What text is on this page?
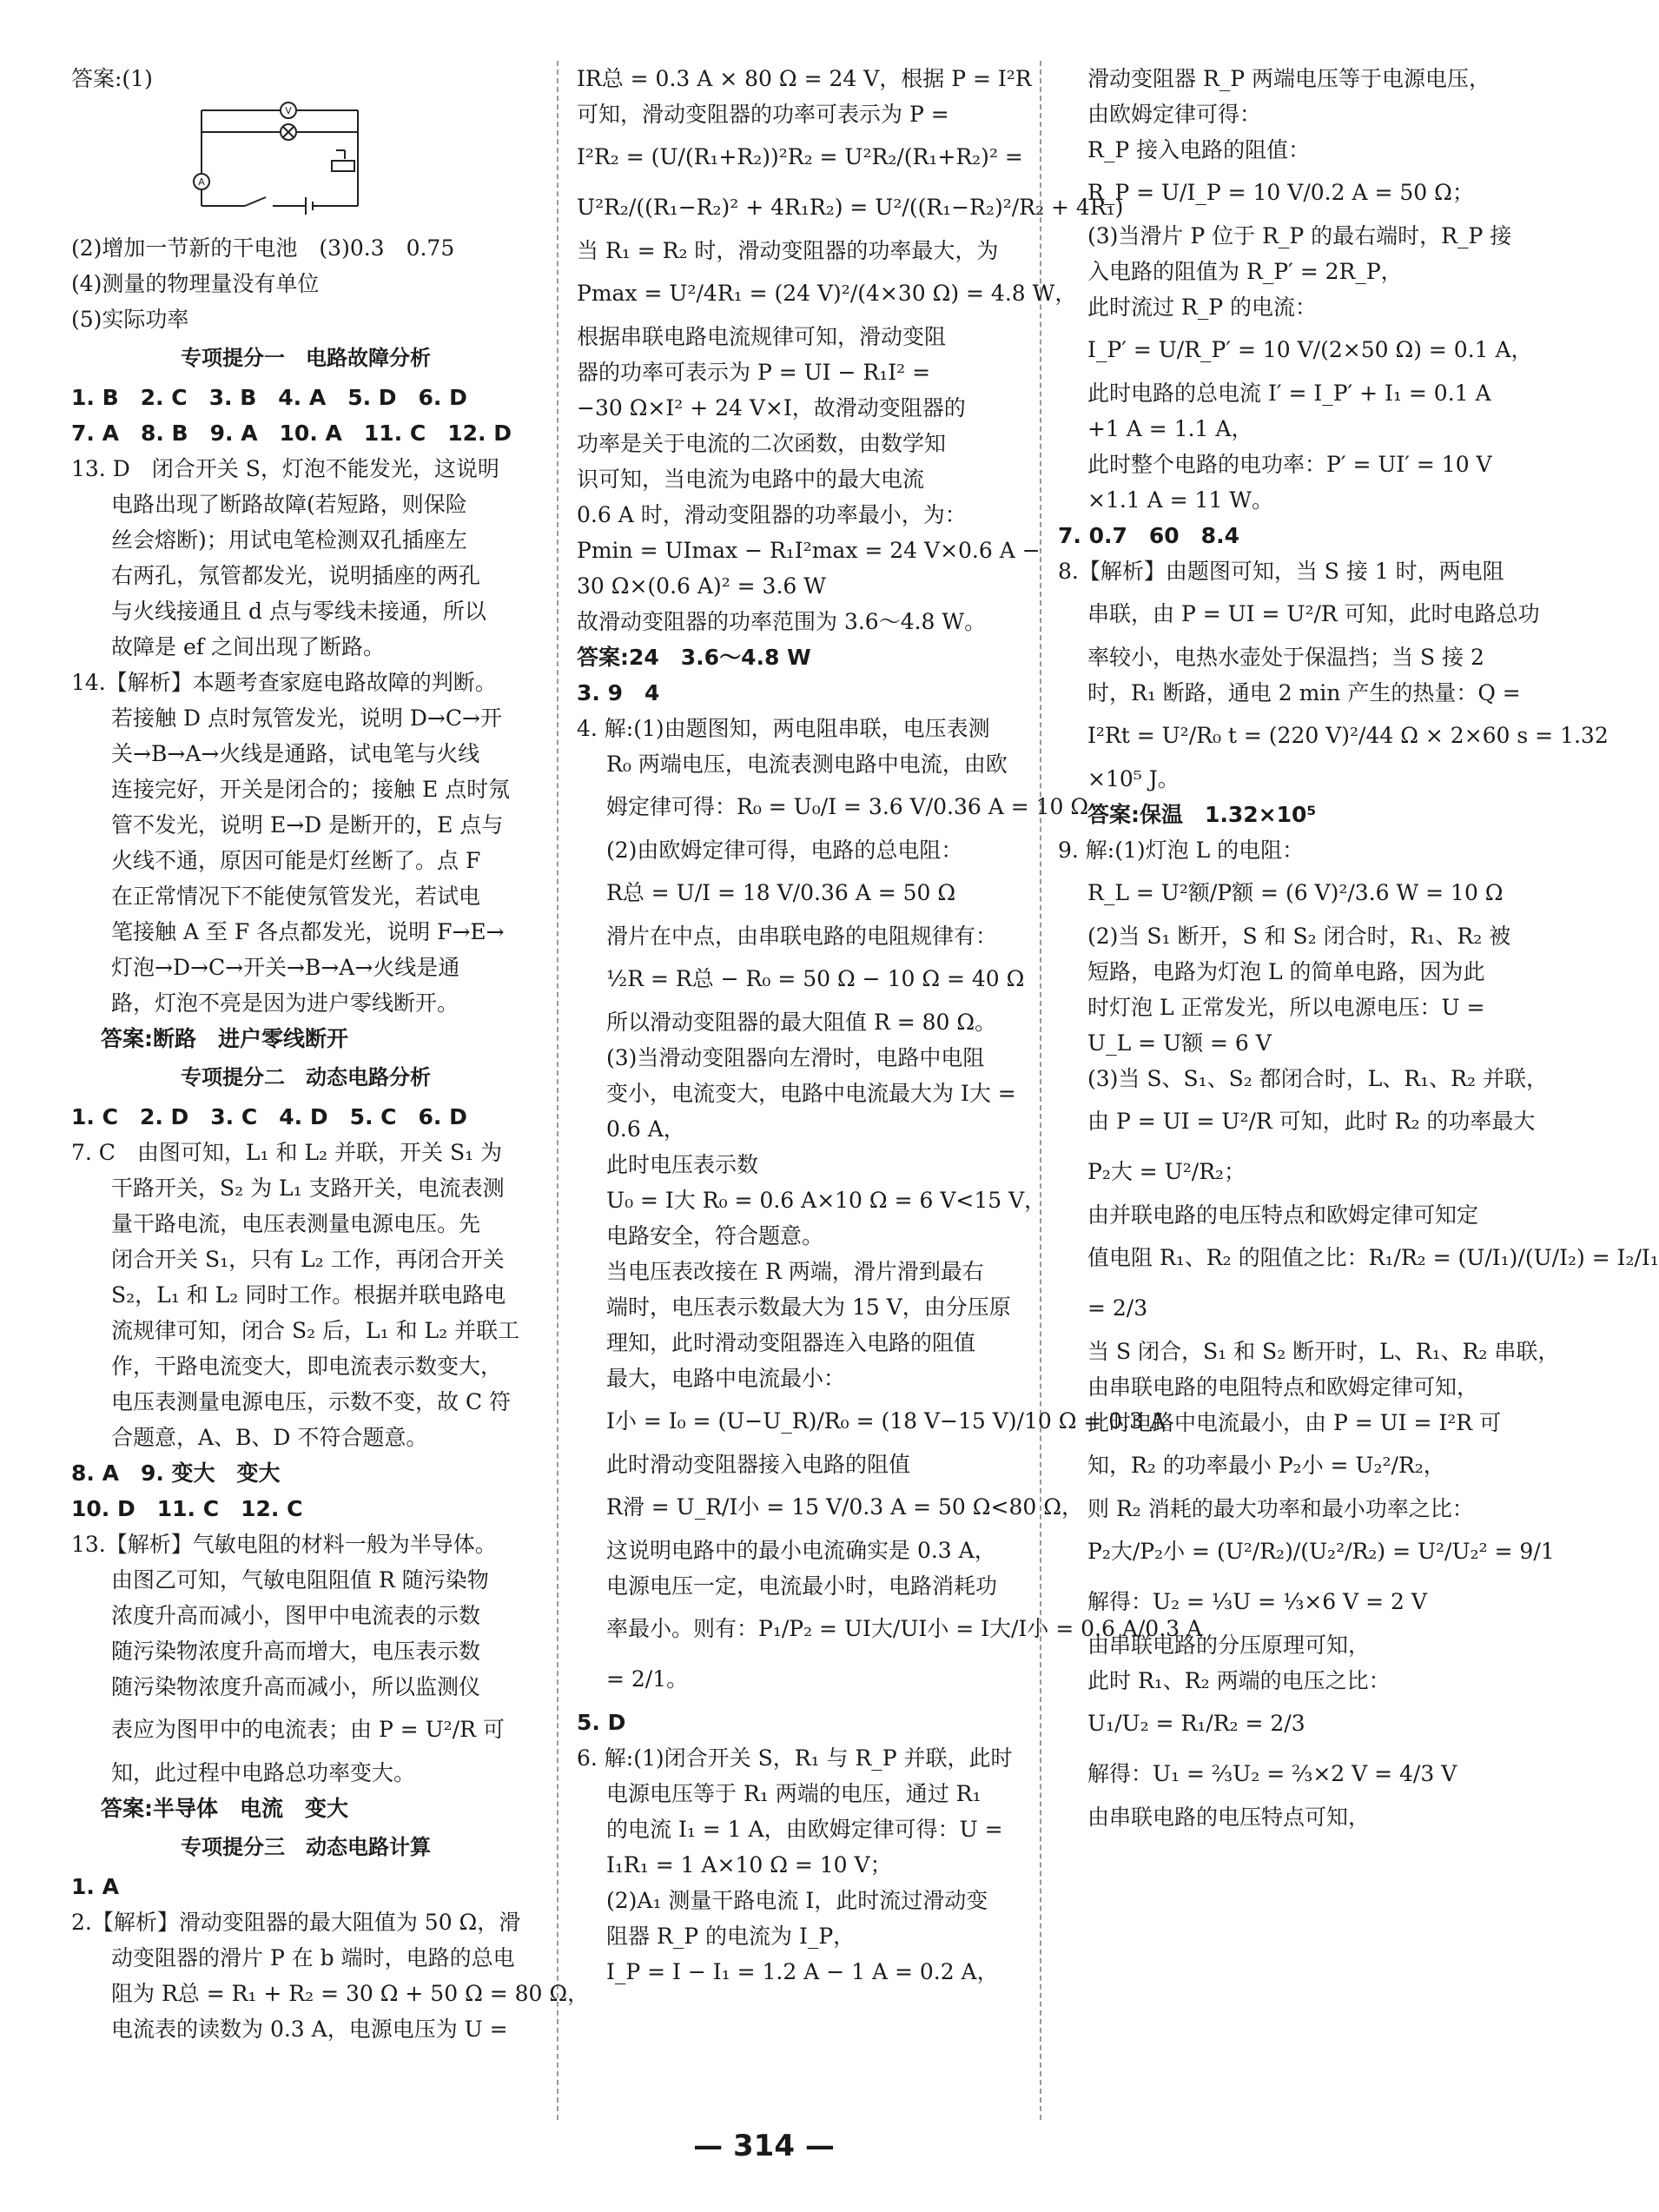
答案:(1)
V
A
(2)增加一节新的干电池　(3)0.3　0.75
(4)测量的物理量没有单位
(5)实际功率
专项提分一　电路故障分析
1. B　2. C　3. B　4. A　5. D　6. D
7. A　8. B　9. A　10. A　11. C　12. D
13. D　闭合开关 S，灯泡不能发光，这说明
电路出现了断路故障(若短路，则保险
丝会熔断)；用试电笔检测双孔插座左
右两孔，氖管都发光，说明插座的两孔
与火线接通且 d 点与零线未接通，所以
故障是 ef 之间出现了断路。
14.【解析】本题考查家庭电路故障的判断。
若接触 D 点时氖管发光，说明 D→C→开
关→B→A→火线是通路，试电笔与火线
连接完好，开关是闭合的；接触 E 点时氖
管不发光，说明 E→D 是断开的，E 点与
火线不通，原因可能是灯丝断了。点 F
在正常情况下不能使氖管发光，若试电
笔接触 A 至 F 各点都发光，说明 F→E→
灯泡→D→C→开关→B→A→火线是通
路，灯泡不亮是因为进户零线断开。
答案:断路　进户零线断开
专项提分二　动态电路分析
1. C　2. D　3. C　4. D　5. C　6. D
7. C　由图可知，L₁ 和 L₂ 并联，开关 S₁ 为
干路开关，S₂ 为 L₁ 支路开关，电流表测
量干路电流，电压表测量电源电压。先
闭合开关 S₁，只有 L₂ 工作，再闭合开关
S₂，L₁ 和 L₂ 同时工作。根据并联电路电
流规律可知，闭合 S₂ 后，L₁ 和 L₂ 并联工
作，干路电流变大，即电流表示数变大，
电压表测量电源电压，示数不变，故 C 符
合题意，A、B、D 不符合题意。
8. A　9. 变大　变大
10. D　11. C　12. C
13.【解析】气敏电阻的材料一般为半导体。
由图乙可知，气敏电阻阻值 R 随污染物
浓度升高而减小，图甲中电流表的示数
随污染物浓度升高而增大，电压表示数
随污染物浓度升高而减小，所以监测仪
表应为图甲中的电流表；由 P = U²/R 可
知，此过程中电路总功率变大。
答案:半导体　电流　变大
专项提分三　动态电路计算
1. A
2.【解析】滑动变阻器的最大阻值为 50 Ω，滑
动变阻器的滑片 P 在 b 端时，电路的总电
阻为 R总 = R₁ + R₂ = 30 Ω + 50 Ω = 80 Ω，
电流表的读数为 0.3 A，电源电压为 U =
IR总 = 0.3 A × 80 Ω = 24 V，根据 P = I²R
可知，滑动变阻器的功率可表示为 P =
I²R₂ = (U/(R₁+R₂))²R₂ = U²R₂/(R₁+R₂)² =
U²R₂/((R₁−R₂)² + 4R₁R₂) = U²/((R₁−R₂)²/R₂ + 4R₁)
当 R₁ = R₂ 时，滑动变阻器的功率最大，为
Pmax = U²/4R₁ = (24 V)²/(4×30 Ω) = 4.8 W，
根据串联电路电流规律可知，滑动变阻
器的功率可表示为 P = UI − R₁I² =
−30 Ω×I² + 24 V×I，故滑动变阻器的
功率是关于电流的二次函数，由数学知
识可知，当电流为电路中的最大电流
0.6 A 时，滑动变阻器的功率最小，为：
Pmin = UImax − R₁I²max = 24 V×0.6 A −
30 Ω×(0.6 A)² = 3.6 W
故滑动变阻器的功率范围为 3.6～4.8 W。
答案:24　3.6～4.8 W
3. 9　4
4. 解:(1)由题图知，两电阻串联，电压表测
R₀ 两端电压，电流表测电路中电流，由欧
姆定律可得：R₀ = U₀/I = 3.6 V/0.36 A = 10 Ω
(2)由欧姆定律可得，电路的总电阻：
R总 = U/I = 18 V/0.36 A = 50 Ω
滑片在中点，由串联电路的电阻规律有：
½R = R总 − R₀ = 50 Ω − 10 Ω = 40 Ω
所以滑动变阻器的最大阻值 R = 80 Ω。
(3)当滑动变阻器向左滑时，电路中电阻
变小，电流变大，电路中电流最大为 I大 =
0.6 A，
此时电压表示数
U₀ = I大 R₀ = 0.6 A×10 Ω = 6 V<15 V，
电路安全，符合题意。
当电压表改接在 R 两端，滑片滑到最右
端时，电压表示数最大为 15 V，由分压原
理知，此时滑动变阻器连入电路的阻值
最大，电路中电流最小：
I小 = I₀ = (U−U_R)/R₀ = (18 V−15 V)/10 Ω = 0.3 A
此时滑动变阻器接入电路的阻值
R滑 = U_R/I小 = 15 V/0.3 A = 50 Ω<80 Ω，
这说明电路中的最小电流确实是 0.3 A，
电源电压一定，电流最小时，电路消耗功
率最小。则有：P₁/P₂ = UI大/UI小 = I大/I小 = 0.6 A/0.3 A
= 2/1。
5. D
6. 解:(1)闭合开关 S，R₁ 与 R_P 并联，此时
电源电压等于 R₁ 两端的电压，通过 R₁
的电流 I₁ = 1 A，由欧姆定律可得：U =
I₁R₁ = 1 A×10 Ω = 10 V；
(2)A₁ 测量干路电流 I，此时流过滑动变
阻器 R_P 的电流为 I_P，
I_P = I − I₁ = 1.2 A − 1 A = 0.2 A，
滑动变阻器 R_P 两端电压等于电源电压，
由欧姆定律可得：
R_P 接入电路的阻值：
R_P = U/I_P = 10 V/0.2 A = 50 Ω；
(3)当滑片 P 位于 R_P 的最右端时，R_P 接
入电路的阻值为 R_P′ = 2R_P，
此时流过 R_P 的电流：
I_P′ = U/R_P′ = 10 V/(2×50 Ω) = 0.1 A，
此时电路的总电流 I′ = I_P′ + I₁ = 0.1 A
+1 A = 1.1 A，
此时整个电路的电功率：P′ = UI′ = 10 V
×1.1 A = 11 W。
7. 0.7　60　8.4
8.【解析】由题图可知，当 S 接 1 时，两电阻
串联，由 P = UI = U²/R 可知，此时电路总功
率较小，电热水壶处于保温挡；当 S 接 2
时，R₁ 断路，通电 2 min 产生的热量：Q =
I²Rt = U²/R₀ t = (220 V)²/44 Ω × 2×60 s = 1.32
×10⁵ J。
答案:保温　1.32×10⁵
9. 解:(1)灯泡 L 的电阻：
R_L = U²额/P额 = (6 V)²/3.6 W = 10 Ω
(2)当 S₁ 断开，S 和 S₂ 闭合时，R₁、R₂ 被
短路，电路为灯泡 L 的简单电路，因为此
时灯泡 L 正常发光，所以电源电压：U =
U_L = U额 = 6 V
(3)当 S、S₁、S₂ 都闭合时，L、R₁、R₂ 并联，
由 P = UI = U²/R 可知，此时 R₂ 的功率最大
P₂大 = U²/R₂；
由并联电路的电压特点和欧姆定律可知定
值电阻 R₁、R₂ 的阻值之比：R₁/R₂ = (U/I₁)/(U/I₂) = I₂/I₁
= 2/3
当 S 闭合，S₁ 和 S₂ 断开时，L、R₁、R₂ 串联，
由串联电路的电阻特点和欧姆定律可知，
此时电路中电流最小，由 P = UI = I²R 可
知，R₂ 的功率最小 P₂小 = U₂²/R₂，
则 R₂ 消耗的最大功率和最小功率之比：
P₂大/P₂小 = (U²/R₂)/(U₂²/R₂) = U²/U₂² = 9/1
解得：U₂ = ⅓U = ⅓×6 V = 2 V
由串联电路的分压原理可知，
此时 R₁、R₂ 两端的电压之比：
U₁/U₂ = R₁/R₂ = 2/3
解得：U₁ = ⅔U₂ = ⅔×2 V = 4/3 V
由串联电路的电压特点可知，
— 314 —
